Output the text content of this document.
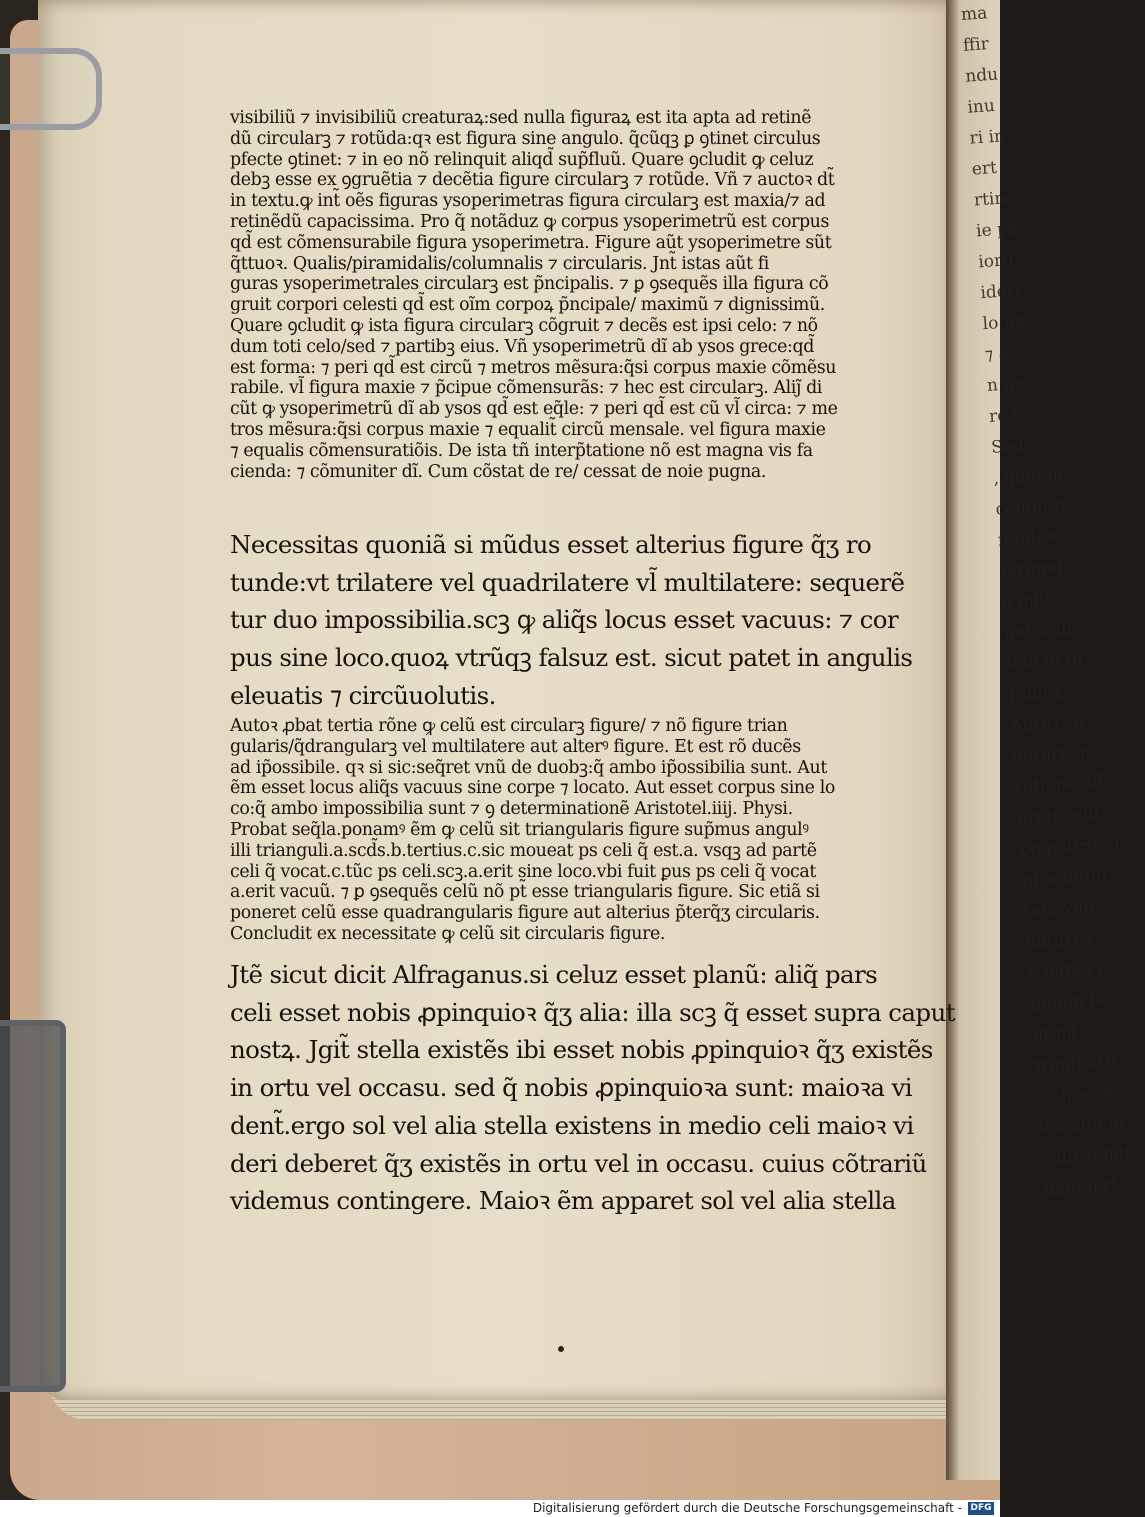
ma
ffir
ndu
inu
ri in
ert
rtine
ie pa
iorfi
ideri
lo pa
⁊ a
n ne
ro e
Sed
, quia in
cendũ ra
n talee
tarumq;
e quis
naturali
icto in fu
radioꝝ
Autoꝛ co
autore m
ratione aff
oiꝫ incedi
ꝑo potest vi
ptra natur
tate vnus
natures
e babet e
ginum bar
nt nũ
tranfparit
sa ipsera
icũ etiã m
cũfusa mit
tiam fort

visibiliũ ⁊ invisibiliũ creaturaꝝ:sed nulla figuraꝝ est ita apta ad retinẽ
dũ circularꝫ ⁊ rotũda:qꝛ est figura sine angulo. q̃cũqꝫ ꝑ ꝯtinet circulus
pfecte ꝯtinet: ⁊ in eo nõ relinquit aliqd̃ sup̃fluũ. Quare ꝯcludit ꝙ celuz
debꝫ esse ex ꝯgruẽtia ⁊ decẽtia figure circularꝫ ⁊ rotũde. Vñ ⁊ auctoꝛ dt̃
in textu.ꝙ int̃ oẽs figuras ysoperimetras figura circularꝫ est maxia/⁊ ad
retinẽdũ capacissima. Pro q̃ notãduz ꝙ corpus ysoperimetrũ est corpus
qd̃ est cõmensurabile figura ysoperimetra. Figure aũt ysoperimetre sũt
q̃ttuoꝛ. Qualis/piramidalis/columnalis ⁊ circularis. Jnt̃ istas aũt fi
guras ysoperimetrales circularꝫ est p̃ncipalis. ⁊ ꝑ ꝯsequẽs illa figura cõ
gruit corpori celesti qd̃ est oĩm corpoꝝ p̃ncipale/ maximũ ⁊ dignissimũ.
Quare ꝯcludit ꝙ ista figura circularꝫ cõgruit ⁊ decẽs est ipsi celo: ⁊ nõ
dum toti celo/sed ⁊ partibꝫ eius. Vñ ysoperimetrũ dı̃ ab ysos grece:qd̃
est forma: ⁊ peri qd̃ est circũ ⁊ metros mẽsura:q̃si corpus maxie cõmẽsu
rabile. vl̃ figura maxie ⁊ p̃cipue cõmensurãs: ⁊ hec est circularꝫ. Aliȷ̃ di
cũt ꝙ ysoperimetrũ dı̃ ab ysos qd̃ est eq̃le: ⁊ peri qd̃ est cũ vl̃ circa: ⁊ me
tros mẽsura:q̃si corpus maxie ⁊ equalit̃ circũ mensale. vel figura maxie
⁊ equalis cõmensuratiõis. De ista tñ interp̃tatione nõ est magna vis fa
cienda: ⁊ cõmuniter dı̃. Cum cõstat de re/ cessat de noie pugna.

Necessitas quoniã si mũdus esset alterius figure q̃ʒ ro
tunde:vt trilatere vel quadrilatere vl̃ multilatere: sequerẽ
tur duo impossibilia.scꝫ ꝙ aliq̃s locus esset vacuus: ⁊ cor
pus sine loco.quoꝝ vtrũqꝫ falsuz est. sicut patet in angulis
eleuatis ⁊ circũuolutis.

Autoꝛ ꝓbat tertia rõne ꝙ celũ est circularꝫ figure/ ⁊ nõ figure trian
gularis/q̃drangularꝫ vel multilatere aut alterꝰ figure. Et est rõ ducẽs
ad ip̃ossibile. qꝛ si sic:seq̃ret vnũ de duobꝫ:q̃ ambo ip̃ossibilia sunt. Aut
ẽm esset locus aliq̃s vacuus sine corpe ⁊ locato. Aut esset corpus sine lo
co:q̃ ambo impossibilia sunt ⁊ ꝯ determinationẽ Aristotel.iiij. Physi.
Probat seq̃la.ponamꝰ ẽm ꝙ celũ sit triangularis figure sup̃mus angulꝰ
illi trianguli.a.scd̃s.b.tertius.c.sic moueat ps celi q̃ est.a. vsqꝫ ad partẽ
celi q̃ vocat.c.tũc ps celi.scꝫ.a.erit sine loco.vbi fuit ꝑus ps celi q̃ vocat
a.erit vacuũ. ⁊ ꝑ ꝯsequẽs celũ nõ pt̃ esse triangularis figure. Sic etiã si
poneret celũ esse quadrangularis figure aut alterius p̃terq̃ʒ circularis.
Concludit ex necessitate ꝙ celũ sit circularis figure.

Jtẽ sicut dicit Alfraganus.si celuz esset planũ: aliq̃ pars
celi esset nobis ꝓpinquioꝛ q̃ʒ alia: illa scꝫ q̃ esset supra caput
nostꝝ. Jgit̃ stella existẽs ibi esset nobis ꝓpinquioꝛ q̃ʒ existẽs
in ortu vel occasu. sed q̃ nobis ꝓpinquioꝛa sunt: maioꝛa vi
dent̃.ergo sol vel alia stella existens in medio celi maioꝛ vi
deri deberet q̃ʒ existẽs in ortu vel in occasu. cuius cõtrariũ
videmus contingere. Maioꝛ ẽm apparet sol vel alia stella

Digitalisierung gefördert durch die Deutsche Forschungsgemeinschaft - DFG
